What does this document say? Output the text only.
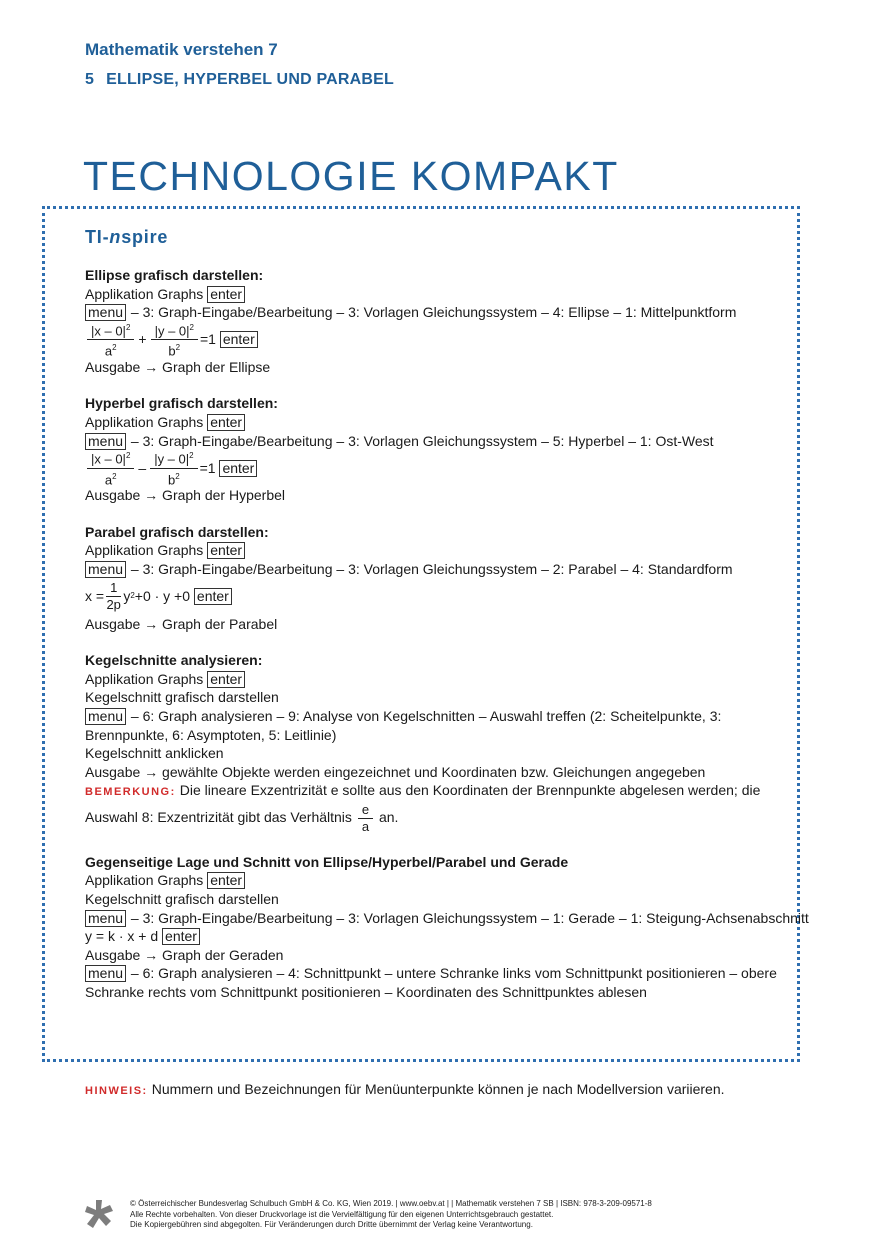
Mathematik verstehen 7
5 ELLIPSE, HYPERBEL UND PARABEL
TECHNOLOGIE KOMPAKT
TI-nspire
Ellipse grafisch darstellen:
Applikation Graphs enter
menu – 3: Graph-Eingabe/Bearbeitung – 3: Vorlagen Gleichungssystem – 4: Ellipse – 1: Mittelpunktform
$\frac{|x - 0|^2}{a^2} + \frac{|y - 0|^2}{b^2} =1$
enter
Ausgabe → Graph der Ellipse
Hyperbel grafisch darstellen:
Applikation Graphs enter
menu – 3: Graph-Eingabe/Bearbeitung – 3: Vorlagen Gleichungssystem – 5: Hyperbel – 1: Ost-West
$\frac{|x - 0|^2}{a^2} - \frac{|y - 0|^2}{b^2} =1$
enter
Ausgabe → Graph der Hyperbel
Parabel grafisch darstellen:
Applikation Graphs enter
menu – 3: Graph-Eingabe/Bearbeitung – 3: Vorlagen Gleichungssystem – 2: Parabel – 4: Standardform
$x = \frac{1}{2p}$ y 2 +0 · y +0
enter
Ausgabe → Graph der Parabel
Kegelschnitte analysieren:
Applikation Graphs enter
Kegelschnitt grafisch darstellen
menu – 6: Graph analysieren – 9: Analyse von Kegelschnitten – Auswahl treffen (2: Scheitelpunkte, 3: Brennpunkte, 6: Asymptoten, 5: Leitlinie)
Kegelschnitt anklicken
Ausgabe → gewählte Objekte werden eingezeichnet und Koordinaten bzw. Gleichungen angegeben
BEMERKUNG: Die lineare Exzentrizität e sollte aus den Koordinaten der Brennpunkte abgelesen werden; die Auswahl 8: Exzentrizität gibt das Verhältnis $\frac{e}{a}$ an.
Gegenseitige Lage und Schnitt von Ellipse/Hyperbel/Parabel und Gerade
Applikation Graphs enter
Kegelschnitt grafisch darstellen
menu – 3: Graph-Eingabe/Bearbeitung – 3: Vorlagen Gleichungssystem – 1: Gerade – 1: Steigung-Achsenabschnitt
y = k · x + d enter
Ausgabe → Graph der Geraden
menu – 6: Graph analysieren – 4: Schnittpunkt – untere Schranke links vom Schnittpunkt positionieren – obere Schranke rechts vom Schnittpunkt positionieren – Koordinaten des Schnittpunktes ablesen
HINWEIS: Nummern und Bezeichnungen für Menüunterpunkte können je nach Modellversion variieren.
© Österreichischer Bundesverlag Schulbuch GmbH & Co. KG, Wien 2019. | www.oebv.at | | Mathematik verstehen 7 SB | ISBN: 978-3-209-09571-8
Alle Rechte vorbehalten. Von dieser Druckvorlage ist die Vervielfältigung für den eigenen Unterrichtsgebrauch gestattet.
Die Kopiergebühren sind abgegolten. Für Veränderungen durch Dritte übernimmt der Verlag keine Verantwortung.
